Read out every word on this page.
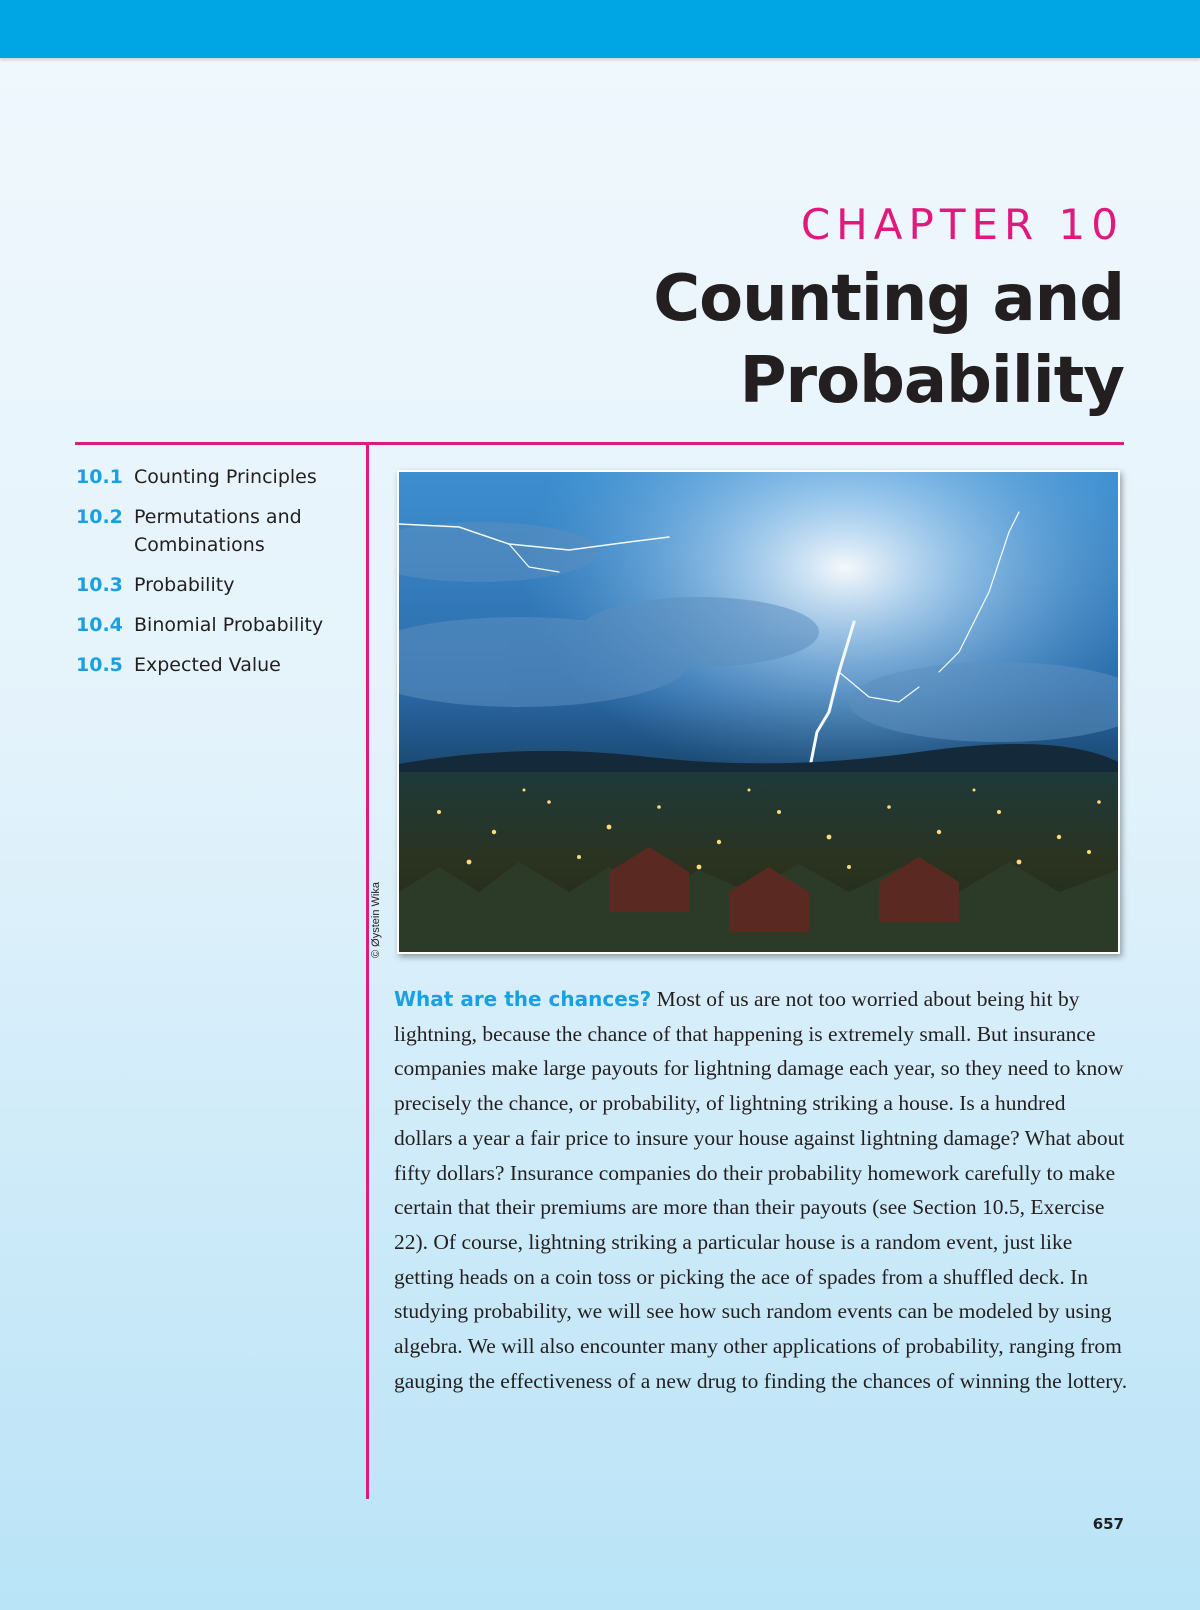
CHAPTER 10
Counting and Probability
10.1 Counting Principles
10.2 Permutations and Combinations
10.3 Probability
10.4 Binomial Probability
10.5 Expected Value
© Øystein Wika

What are the chances? Most of us are not too worried about being hit by lightning, because the chance of that happening is extremely small. But insurance companies make large payouts for lightning damage each year, so they need to know precisely the chance, or probability, of lightning striking a house. Is a hundred dollars a year a fair price to insure your house against lightning damage? What about fifty dollars? Insurance companies do their probability homework carefully to make certain that their premiums are more than their payouts (see Section 10.5, Exercise 22). Of course, lightning striking a particular house is a random event, just like getting heads on a coin toss or picking the ace of spades from a shuffled deck. In studying probability, we will see how such random events can be modeled by using algebra. We will also encounter many other applications of probability, ranging from gauging the effectiveness of a new drug to finding the chances of winning the lottery.

657
